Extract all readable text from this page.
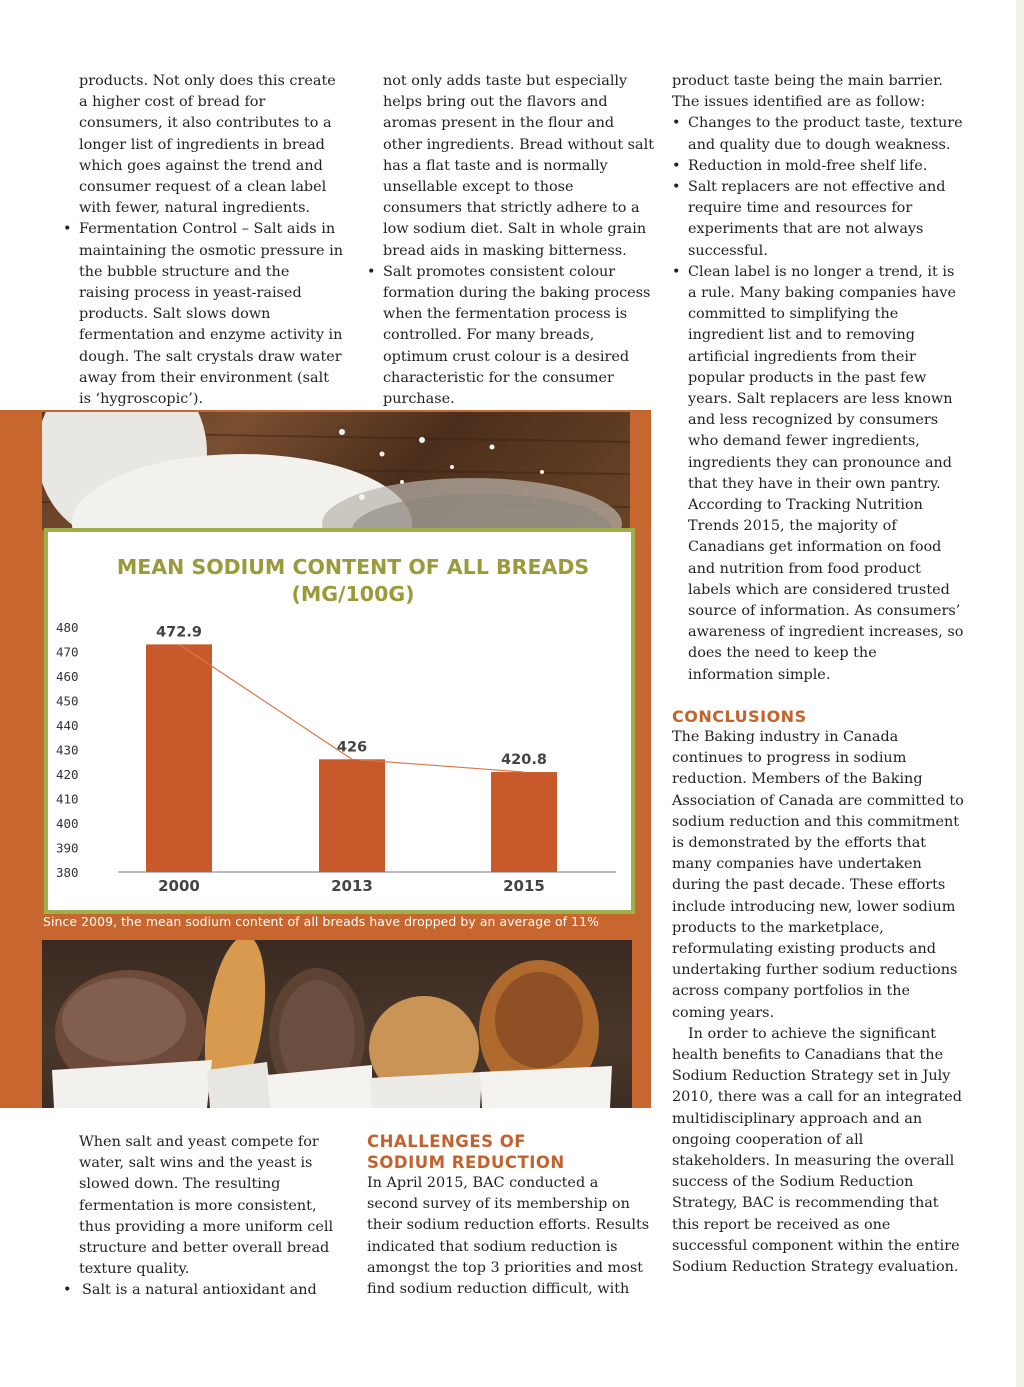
products. Not only does this create a higher cost of bread for consumers, it also contributes to a longer list of ingredients in bread which goes against the trend and consumer request of a clean label with fewer, natural ingredients.

• Fermentation Control – Salt aids in maintaining the osmotic pressure in the bubble structure and the raising process in yeast-raised products. Salt slows down fermentation and enzyme activity in dough. The salt crystals draw water away from their environment (salt is ‘hygroscopic’).

not only adds taste but especially helps bring out the flavors and aromas present in the flour and other ingredients. Bread without salt has a flat taste and is normally unsellable except to those consumers that strictly adhere to a low sodium diet. Salt in whole grain bread aids in masking bitterness.

• Salt promotes consistent colour formation during the baking process when the fermentation process is controlled. For many breads, optimum crust colour is a desired characteristic for the consumer purchase.

product taste being the main barrier. The issues identified are as follow:

• Changes to the product taste, texture and quality due to dough weakness.
• Reduction in mold-free shelf life.
• Salt replacers are not effective and require time and resources for experiments that are not always successful.
• Clean label is no longer a trend, it is a rule. Many baking companies have committed to simplifying the ingredient list and to removing artificial ingredients from their popular products in the past few years. Salt replacers are less known and less recognized by consumers who demand fewer ingredients, ingredients they can pronounce and that they have in their own pantry. According to Tracking Nutrition Trends 2015, the majority of Canadians get information on food and nutrition from food product labels which are considered trusted source of information. As consumers’ awareness of ingredient increases, so does the need to keep the information simple.
CONCLUSIONS

The Baking industry in Canada continues to progress in sodium reduction. Members of the Baking Association of Canada are committed to sodium reduction and this commitment is demonstrated by the efforts that many companies have undertaken during the past decade. These efforts include introducing new, lower sodium products to the marketplace, reformulating existing products and undertaking further sodium reductions across company portfolios in the coming years.

In order to achieve the significant health benefits to Canadians that the Sodium Reduction Strategy set in July 2010, there was a call for an integrated multidisciplinary approach and an ongoing cooperation of all stakeholders. In measuring the overall success of the Sodium Reduction Strategy, BAC is recommending that this report be received as one successful component within the entire Sodium Reduction Strategy evaluation.

MEAN SODIUM CONTENT OF ALL BREADS
(MG/100G)
480
470
460
450
440
430
420
410
400
390
380
472.9
2000
426
2013
420.8
2015
Since 2009, the mean sodium content of all breads have dropped by an average of 11%

When salt and yeast compete for water, salt wins and the yeast is slowed down. The resulting fermentation is more consistent, thus providing a more uniform cell structure and better overall bread texture quality.

• Salt is a natural antioxidant and
CHALLENGES OF
SODIUM REDUCTION

In April 2015, BAC conducted a second survey of its membership on their sodium reduction efforts. Results indicated that sodium reduction is amongst the top 3 priorities and most find sodium reduction difficult, with
